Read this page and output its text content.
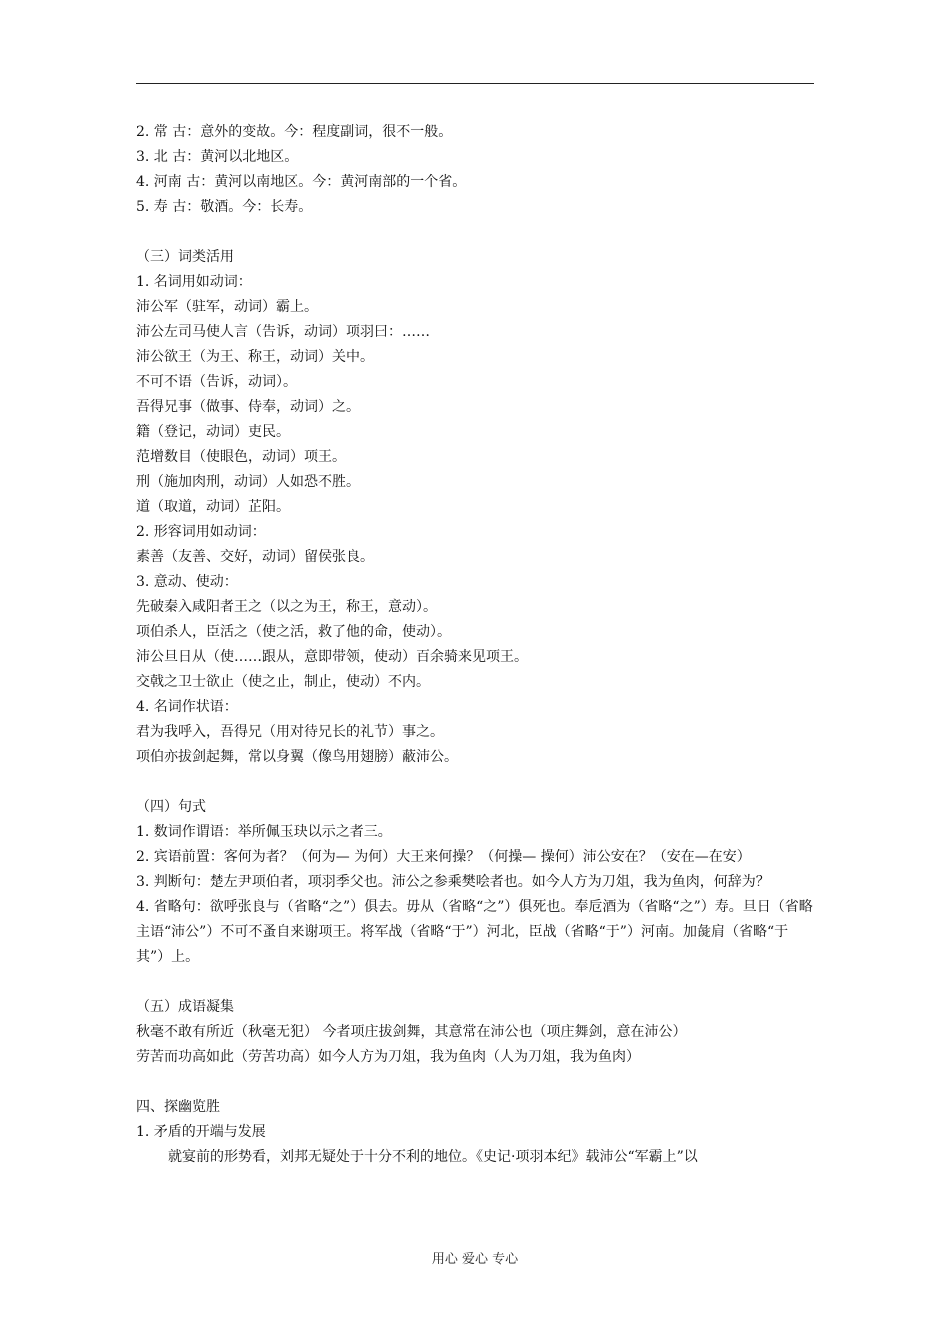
2. 常 古：意外的变故。今：程度副词，很不一般。
3. 北 古：黄河以北地区。
4. 河南 古：黄河以南地区。今：黄河南部的一个省。
5. 寿 古：敬酒。今：长寿。
（三）词类活用
1. 名词用如动词：
沛公军（驻军，动词）霸上。
沛公左司马使人言（告诉，动词）项羽曰：……
沛公欲王（为王、称王，动词）关中。
不可不语（告诉，动词）。
吾得兄事（做事、侍奉，动词）之。
籍（登记，动词）吏民。
范增数目（使眼色，动词）项王。
刑（施加肉刑，动词）人如恐不胜。
道（取道，动词）芷阳。
2. 形容词用如动词：
素善（友善、交好，动词）留侯张良。
3. 意动、使动：
先破秦入咸阳者王之（以之为王，称王，意动）。
项伯杀人，臣活之（使之活，救了他的命，使动）。
沛公旦日从（使……跟从，意即带领，使动）百余骑来见项王。
交戟之卫士欲止（使之止，制止，使动）不内。
4. 名词作状语：
君为我呼入，吾得兄（用对待兄长的礼节）事之。
项伯亦拔剑起舞，常以身翼（像鸟用翅膀）蔽沛公。
（四）句式
1. 数词作谓语：举所佩玉玦以示之者三。
2. 宾语前置：客何为者？（何为— 为何）大王来何操？（何操— 操何）沛公安在？（安在—在安）
3. 判断句：楚左尹项伯者，项羽季父也。沛公之参乘樊哙者也。如今人方为刀俎，我为鱼肉，何辞为？
4. 省略句：欲呼张良与（省略“之”）俱去。毋从（省略“之”）俱死也。奉卮酒为（省略“之”）寿。旦日（省略主语“沛公”）不可不蚤自来谢项王。将军战（省略“于”）河北，臣战（省略“于”）河南。加彘肩（省略“于其”）上。
（五）成语凝集
秋毫不敢有所近（秋毫无犯） 今者项庄拔剑舞，其意常在沛公也（项庄舞剑，意在沛公）
劳苦而功高如此（劳苦功高）如今人方为刀俎，我为鱼肉（人为刀俎，我为鱼肉）
四、探幽览胜
1. 矛盾的开端与发展
就宴前的形势看，刘邦无疑处于十分不利的地位。《史记·项羽本纪》载沛公“军霸上”以
用心 爱心 专心
